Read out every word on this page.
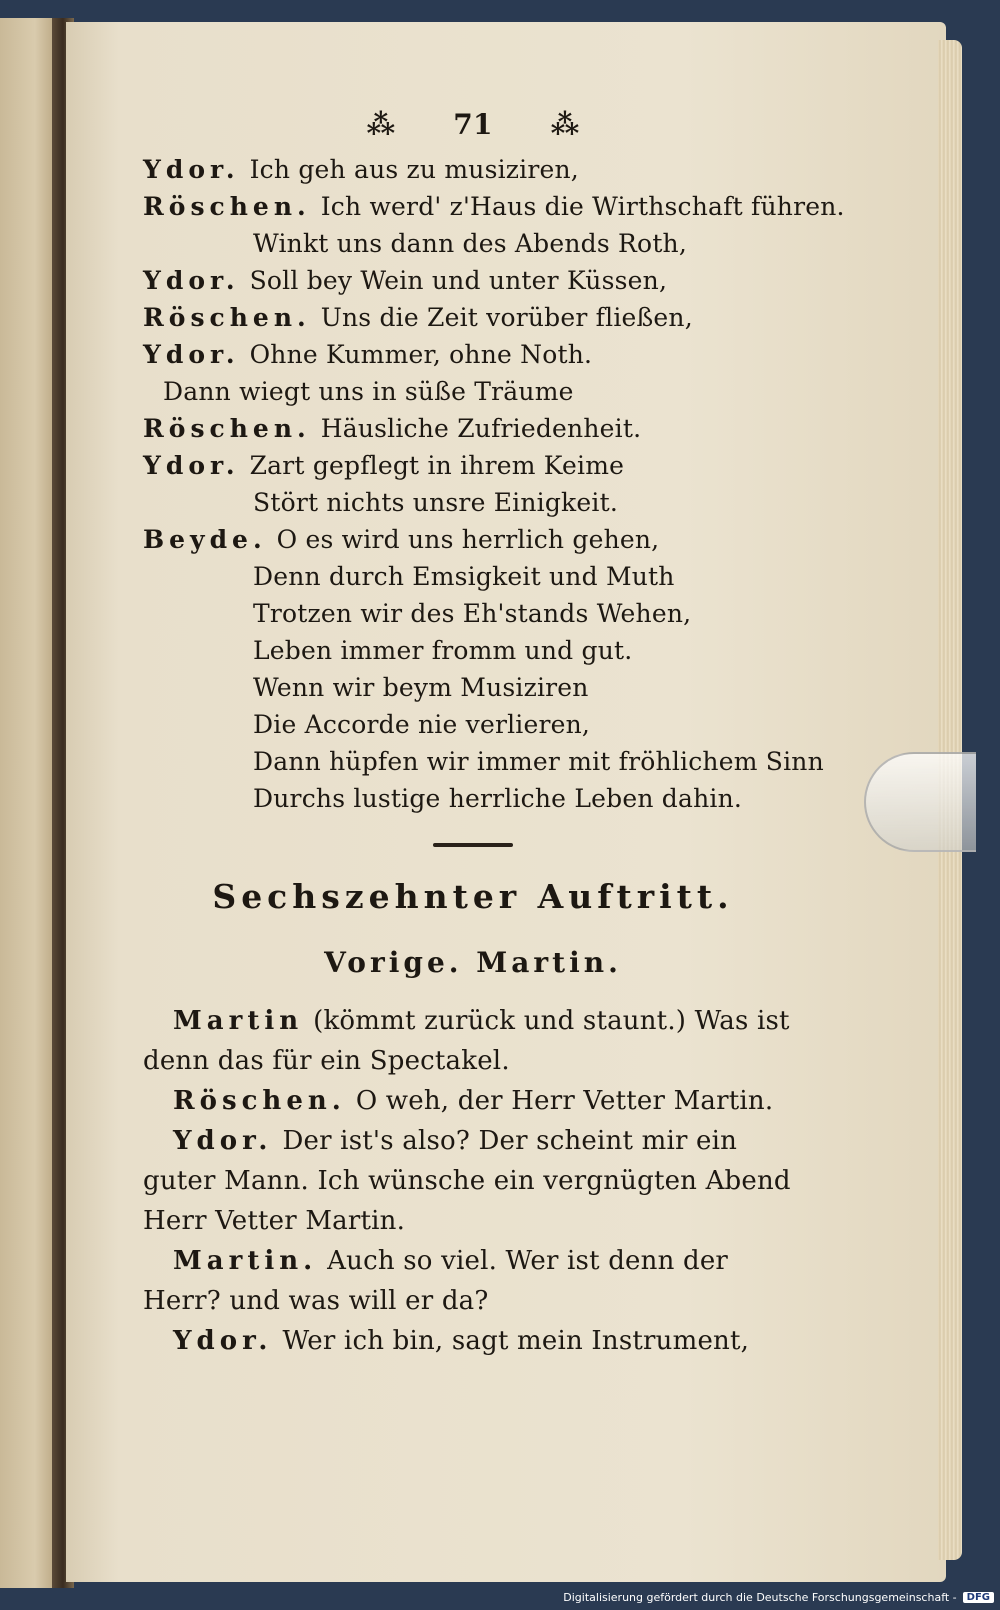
⁂ 71 ⁂
Ydor. Ich geh aus zu musiziren,
Röschen. Ich werd' z'Haus die Wirthschaft führen.
Winkt uns dann des Abends Roth,
Ydor. Soll bey Wein und unter Küssen,
Röschen. Uns die Zeit vorüber fließen,
Ydor. Ohne Kummer, ohne Noth.
Dann wiegt uns in süße Träume
Röschen. Häusliche Zufriedenheit.
Ydor. Zart gepflegt in ihrem Keime
Stört nichts unsre Einigkeit.
Beyde. O es wird uns herrlich gehen,
Denn durch Emsigkeit und Muth
Trotzen wir des Eh'stands Wehen,
Leben immer fromm und gut.
Wenn wir beym Musiziren
Die Accorde nie verlieren,
Dann hüpfen wir immer mit fröhlichem Sinn
Durchs lustige herrliche Leben dahin.
Sechszehnter Auftritt.
Vorige. Martin.
Martin (kömmt zurück und staunt.) Was ist denn das für ein Spectakel.
Röschen. O weh, der Herr Vetter Martin.
Ydor. Der ist's also? Der scheint mir ein guter Mann. Ich wünsche ein vergnügten Abend Herr Vetter Martin.
Martin. Auch so viel. Wer ist denn der Herr? und was will er da?
Ydor. Wer ich bin, sagt mein Instrument,
Digitalisierung gefördert durch die Deutsche Forschungsgemeinschaft -	DFG
